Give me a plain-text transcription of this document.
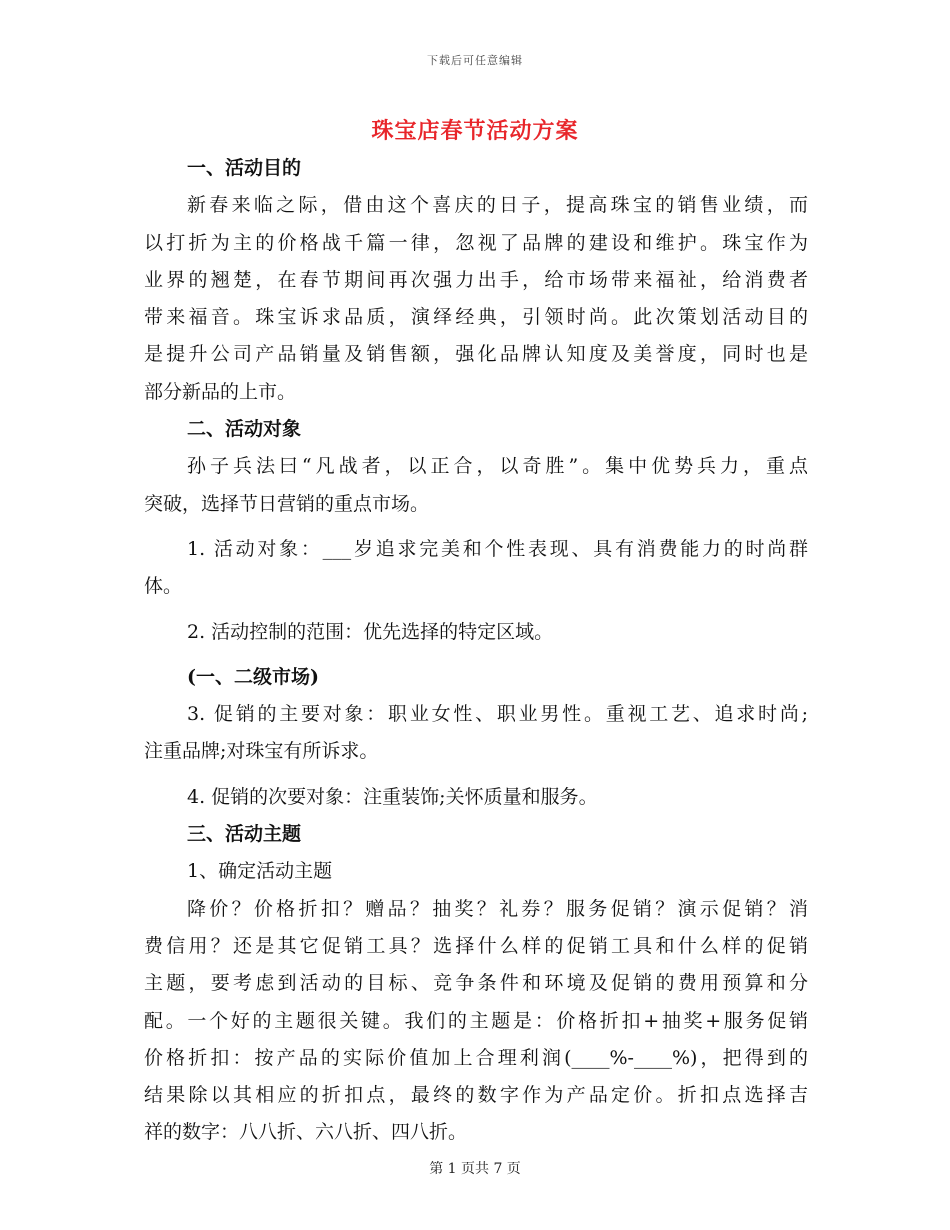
下载后可任意编辑
珠宝店春节活动方案
一、活动目的
新春来临之际，借由这个喜庆的日子，提高珠宝的销售业绩，而
以打折为主的价格战千篇一律，忽视了品牌的建设和维护。珠宝作为
业界的翘楚，在春节期间再次强力出手，给市场带来福祉，给消费者
带来福音。珠宝诉求品质，演绎经典，引领时尚。此次策划活动目的
是提升公司产品销量及销售额，强化品牌认知度及美誉度，同时也是
部分新品的上市。
二、活动对象
孙子兵法曰“凡战者，以正合，以奇胜”。集中优势兵力，重点
突破，选择节日营销的重点市场。
1. 活动对象：___岁追求完美和个性表现、具有消费能力的时尚群
体。
2. 活动控制的范围：优先选择的特定区域。
(一、二级市场)
3. 促销的主要对象：职业女性、职业男性。重视工艺、追求时尚;
注重品牌;对珠宝有所诉求。
4. 促销的次要对象：注重装饰;关怀质量和服务。
三、活动主题
1、确定活动主题
降价？价格折扣？赠品？抽奖？礼券？服务促销？演示促销？消
费信用？还是其它促销工具？选择什么样的促销工具和什么样的促销
主题，要考虑到活动的目标、竞争条件和环境及促销的费用预算和分
配。一个好的主题很关键。我们的主题是：价格折扣+抽奖+服务促销
价格折扣：按产品的实际价值加上合理利润(____%-____%)，把得到的
结果除以其相应的折扣点，最终的数字作为产品定价。折扣点选择吉
祥的数字：八八折、六八折、四八折。
第 1 页共 7 页
